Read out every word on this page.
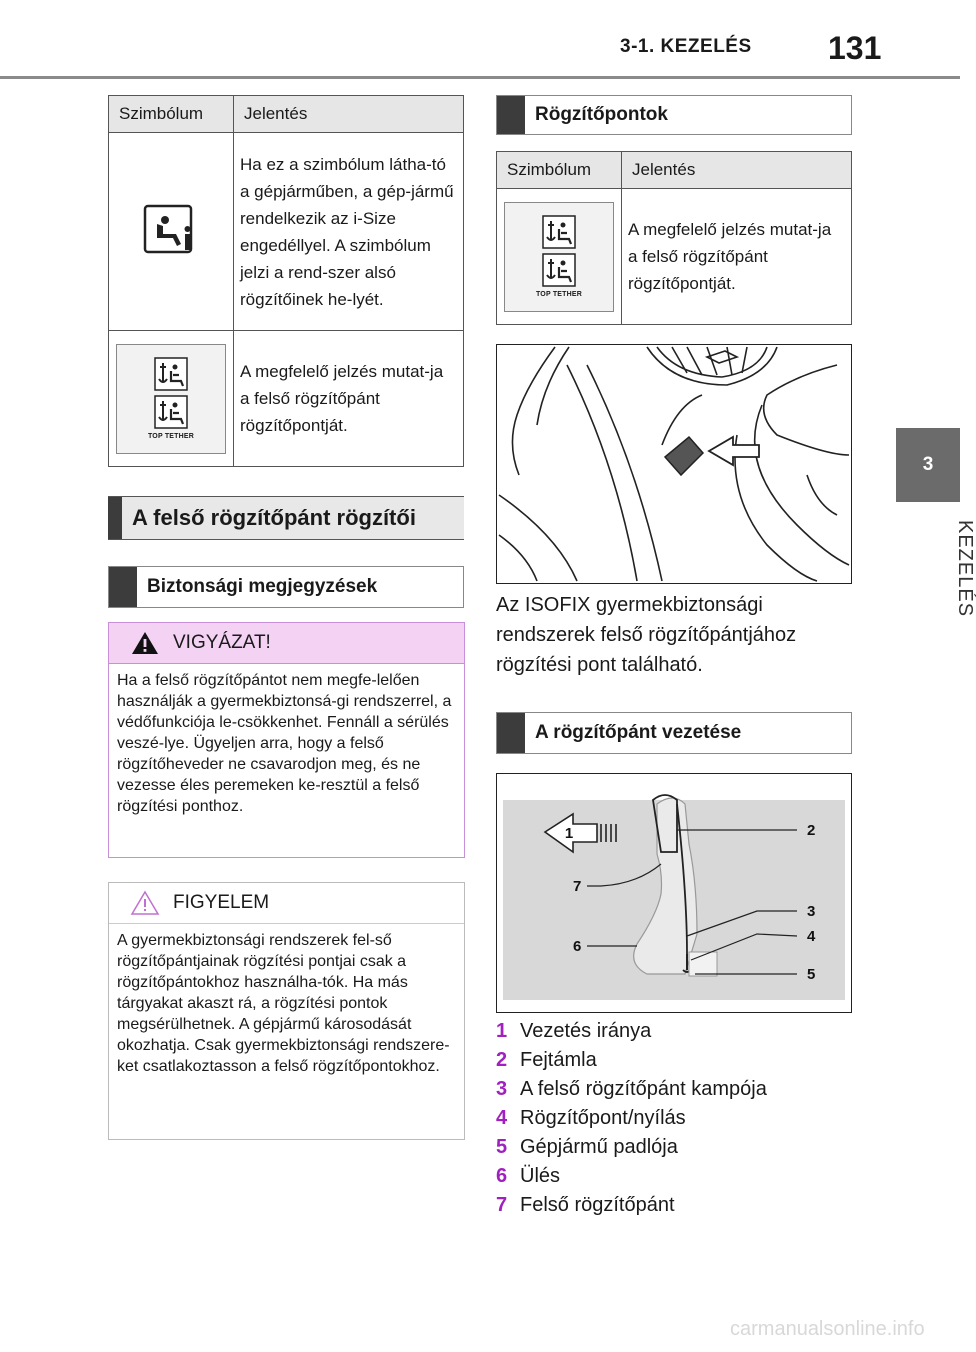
3-1. KEZELÉS 131
3
KEZELÉS
Szimbólum	Jelentés

	Ha ez a szimbólum látha-tó a gépjárműben, a gép-jármű rendelkezik az i-Size engedéllyel. A szimbólum jelzi a rend-szer alsó rögzítőinek he-lyét.

TOP TETHER	A megfelelő jelzés mutat-ja a felső rögzítőpánt rögzítőpontját.
A felső rögzítőpánt rögzítői
Biztonsági megjegyzések
VIGYÁZAT!
Ha a felső rögzítőpántot nem megfe-lelően használják a gyermekbiztonsá-gi rendszerrel, a védőfunkciója le-csökkenhet. Fennáll a sérülés veszé-lye. Ügyeljen arra, hogy a felső rögzítőheveder ne csavarodjon meg, és ne vezesse éles peremeken ke-resztül a felső rögzítési ponthoz.
FIGYELEM
A gyermekbiztonsági rendszerek fel-ső rögzítőpántjainak rögzítési pontjai csak a rögzítőpántokhoz használha-tók. Ha más tárgyakat akaszt rá, a rögzítési pontok megsérülhetnek. A gépjármű károsodását okozhatja. Csak gyermekbiztonsági rendszere-ket csatlakoztasson a felső rögzítőpontokhoz.
Rögzítőpontok
Szimbólum	Jelentés

TOP TETHER	A megfelelő jelzés mutat-ja a felső rögzítőpánt rögzítőpontját.
Az ISOFIX gyermekbiztonsági rendszerek felső rögzítőpántjához rögzítési pont található.
A rögzítőpánt vezetése
1	2
3
4
5
6
7
1 Vezetés iránya
2 Fejtámla
3 A felső rögzítőpánt kampója
4 Rögzítőpont/nyílás
5 Gépjármű padlója
6 Ülés
7 Felső rögzítőpánt
carmanualsonline.info
